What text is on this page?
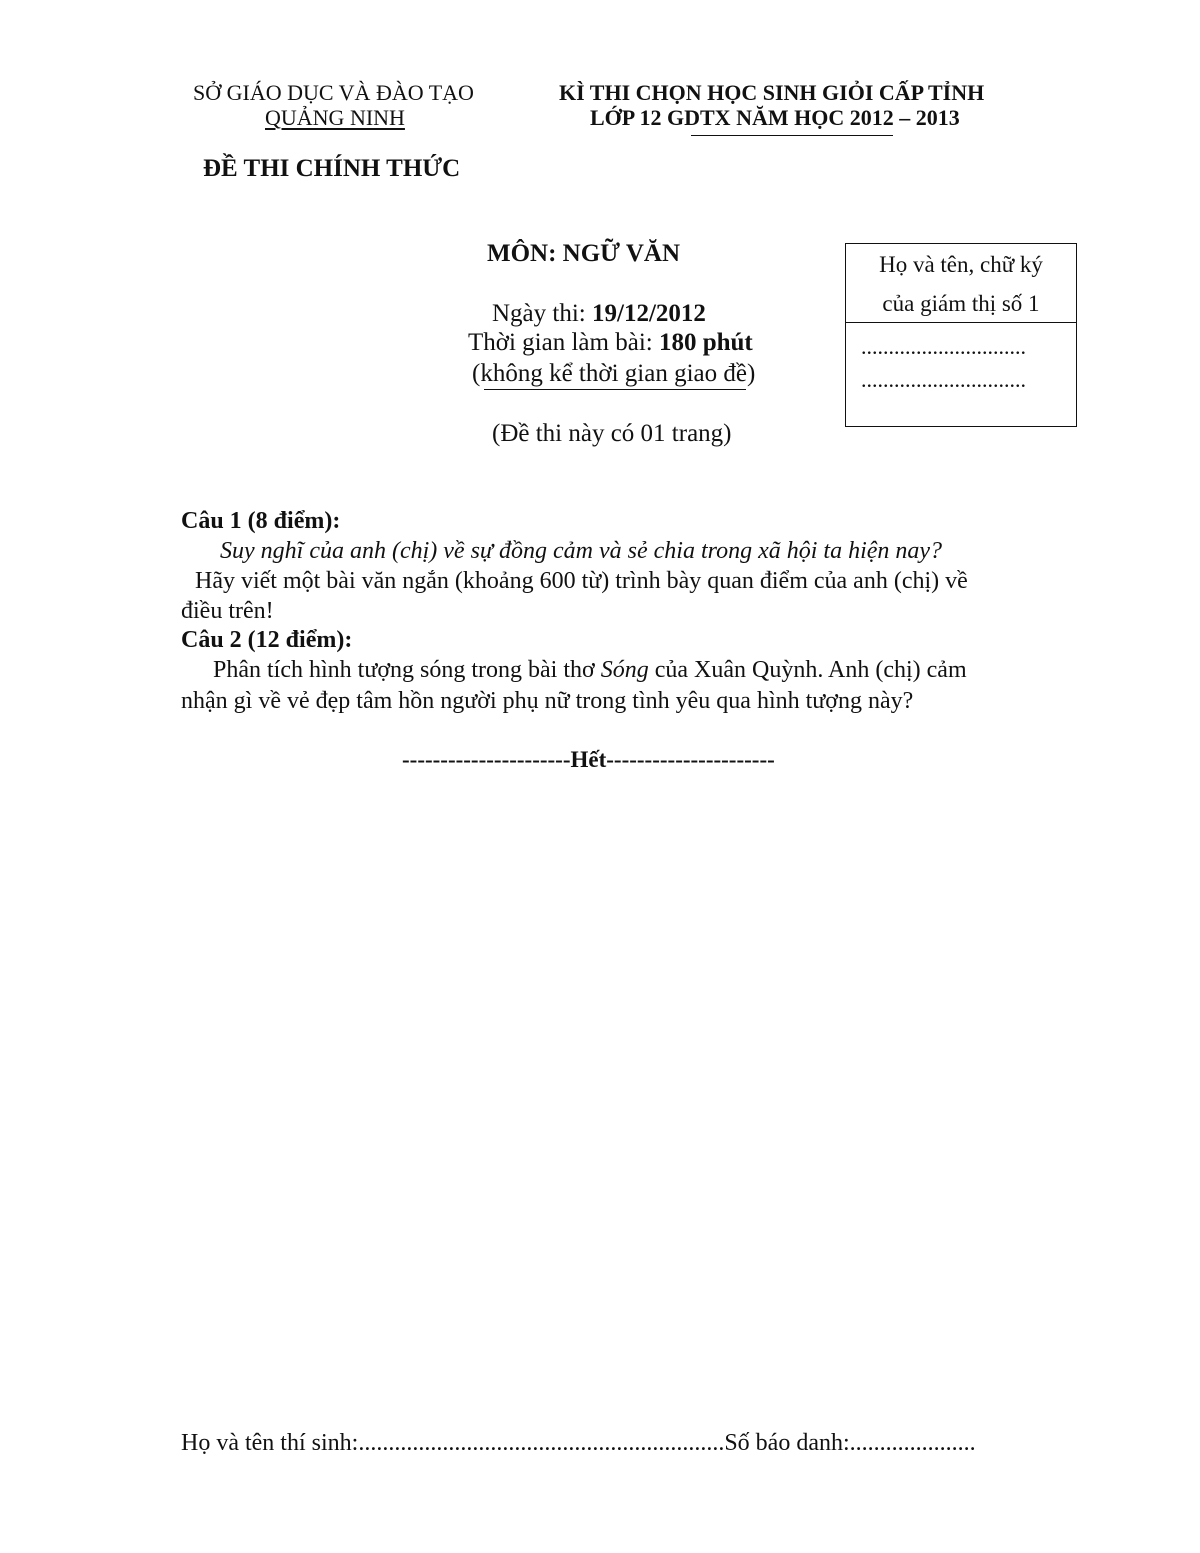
SỞ GIÁO DỤC VÀ ĐÀO TẠO
QUẢNG NINH
ĐỀ THI CHÍNH THỨC
KÌ THI CHỌN HỌC SINH GIỎI CẤP TỈNH
LỚP 12 GDTX NĂM HỌC 2012 – 2013
MÔN: NGỮ VĂN
Ngày thi: 19/12/2012
Thời gian làm bài: 180 phút
(không kể thời gian giao đề)
(Đề thi này có 01 trang)
Họ và tên, chữ ký
của giám thị số 1
..............................
..............................
Câu 1 (8 điểm):
Suy nghĩ của anh (chị) về sự đồng cảm và sẻ chia trong xã hội ta hiện nay?
Hãy viết một bài văn ngắn (khoảng 600 từ) trình bày quan điểm của anh (chị) về
điều trên!
Câu 2 (12 điểm):
Phân tích hình tượng sóng trong bài thơ Sóng của Xuân Quỳnh. Anh (chị) cảm
nhận gì về vẻ đẹp tâm hồn người phụ nữ trong tình yêu qua hình tượng này?
----------------------Hết----------------------
Họ và tên thí sinh:.............................................................Số báo danh:.....................
